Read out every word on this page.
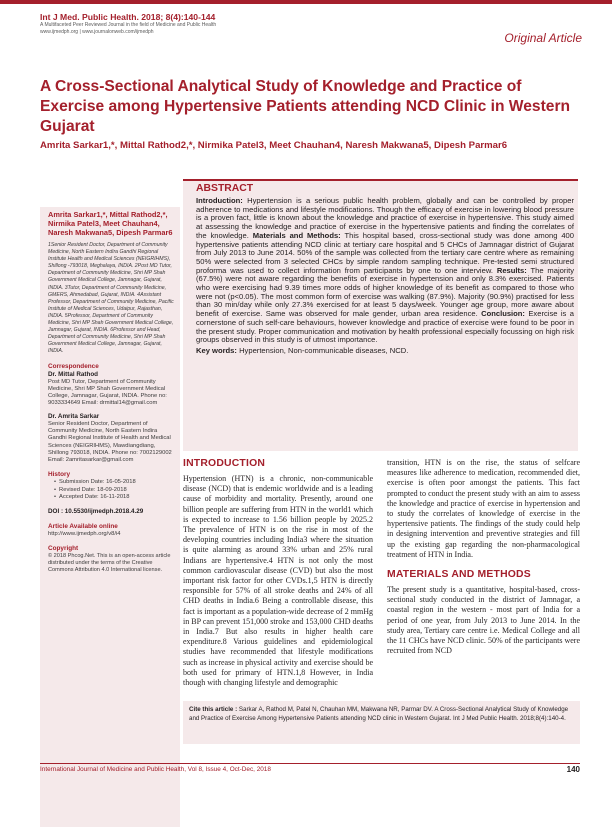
Int J Med. Public Health. 2018; 8(4):140-144
A Multifaceted Peer Reviewed Journal in the field of Medicine and Public Health
www.ijmedph.org | www.journalonweb.com/ijmedph	Original Article
A Cross-Sectional Analytical Study of Knowledge and Practice of Exercise among Hypertensive Patients attending NCD Clinic in Western Gujarat
Amrita Sarkar1,*, Mittal Rathod2,*, Nirmika Patel3, Meet Chauhan4, Naresh Makwana5, Dipesh Parmar6
Amrita Sarkar1,*, Mittal Rathod2,*, Nirmika Patel3, Meet Chauhan4, Naresh Makwana5, Dipesh Parmar6
1Senior Resident Doctor, Department of Community Medicine, North Eastern Indira Gandhi Regional Institute Health and Medical Sciences (NEIGRIHMS), Shillong -793018, Meghalaya, INDIA. 2Post MD Tutor, Department of Community Medicine, Shri MP Shah Government Medical College, Jamnagar, Gujarat, INDIA. 3Tutor, Department of Community Medicine, GMERS, Ahmedabad, Gujarat, INDIA. 4Assistant Professor, Department of Community Medicine, Pacific Institute of Medical Sciences, Udaipur, Rajasthan, INDIA. 5Professor, Department of Community Medicine, Shri MP Shah Government Medical College, Jamnagar, Gujarat, INDIA. 6Professor and Head, Department of Community Medicine, Shri MP Shah Government Medical College, Jamnagar, Gujarat, INDIA.
Correspondence
Dr. Mittal Rathod
Post MD Tutor, Department of Community Medicine, Shri MP Shah Government Medical College, Jamnagar, Gujarat, INDIA. Phone no: 9033334649 Email: drmittal14@gmail.com
Dr. Amrita Sarkar
Senior Resident Doctor, Department of Community Medicine, North Eastern Indira Gandhi Regional Institute of Health and Medical Sciences (NEIGRIHMS), Mawdiangdiang, Shillong 793018, INDIA. Phone no: 7002129002 Email: 2amritasarkar@gmail.com
History
• Submission Date: 16-05-2018
• Revised Date: 18-09-2018
• Accepted Date: 16-11-2018
DOI : 10.5530/ijmedph.2018.4.29
Article Available online
http://www.ijmedph.org/v8/i4
Copyright
© 2018 Phcog.Net. This is an open-access article distributed under the terms of the Creative Commons Attribution 4.0 International license.
ABSTRACT

Introduction: Hypertension is a serious public health problem, globally and can be controlled by proper adherence to medications and lifestyle modifications. Though the efficacy of exercise in lowering blood pressure is a proven fact, little is known about the knowledge and practice of exercise in hypertensive. This study aimed at assessing the knowledge and practice of exercise in the hypertensive patients and finding the correlates of the knowledge. Materials and Methods: This hospital based, cross-sectional study was done among 400 hypertensive patients attending NCD clinic at tertiary care hospital and 5 CHCs of Jamnagar district of Gujarat from July 2013 to June 2014. 50% of the sample was collected from the tertiary care centre where as remaining 50% were selected from 3 selected CHCs by simple random sampling technique. Pre-tested semi structured proforma was used to collect information from participants by one to one interview. Results: The majority (67.5%) were not aware regarding the benefits of exercise in hypertension and only 8.3% exercised. Patients who were exercising had 9.39 times more odds of higher knowledge of its benefit as compared to those who were not (p<0.05). The most common form of exercise was walking (87.9%). Majority (90.9%) practised for less than 30 min/day while only 27.3% exercised for at least 5 days/week. Younger age group, more aware about benefit of exercise. Same was observed for male gender, urban area residence. Conclusion: Exercise is a cornerstone of such self-care behaviours, however knowledge and practice of exercise were found to be poor in the present study. Proper communication and motivation by health professional especially focussing on high risk groups observed in this study is of utmost importance.

Key words: Hypertension, Non-communicable diseases, NCD.
INTRODUCTION

Hypertension (HTN) is a chronic, non-communicable disease (NCD) that is endemic worldwide and is a leading cause of morbidity and mortality. Presently, around one billion people are suffering from HTN in the world1 which is expected to increase to 1.56 billion people by 2025.2 The prevalence of HTN is on the rise in most of the developing countries including India3 where the situation is quite alarming as around 33% urban and 25% rural Indians are hypertensive.4 HTN is not only the most common cardiovascular disease (CVD) but also the most important risk factor for other CVDs.1,5 HTN is directly responsible for 57% of all stroke deaths and 24% of all CHD deaths in India.6 Being a controllable disease, this fact is important as a population-wide decrease of 2 mmHg in BP can prevent 151,000 stroke and 153,000 CHD deaths in India.7 But also results in higher health care expenditure.8 Various guidelines and epidemiological studies have recommended that lifestyle modifications such as increase in physical activity and exercise should be both used for primary of HTN.1,8 However, in India though with changing lifestyle and demographic

transition, HTN is on the rise, the status of selfcare measures like adherence to medication, recommended diet, exercise is often poor amongst the patients. This fact prompted to conduct the present study with an aim to assess the knowledge and practice of exercise in hypertension and to study the correlates of knowledge of exercise in the hypertensive patients. The findings of the study could help in designing intervention and preventive strategies and fill up the existing gap regarding the non-pharmacological treatment of HTN in India.

MATERIALS AND METHODS

The present study is a quantitative, hospital-based, cross-sectional study conducted in the district of Jamnagar, a coastal region in the western - most part of India for a period of one year, from July 2013 to June 2014. In the study area, Tertiary care centre i.e. Medical College and all the 11 CHCs have NCD clinic. 50% of the participants were recruited from NCD

Cite this article : Sarkar A, Rathod M, Patel N, Chauhan MM, Makwana NR, Parmar DV. A Cross-Sectional Analytical Study of Knowledge and Practice of Exercise Among Hypertensive Patients attending NCD clinic in Western Gujarat. Int J Med Public Health. 2018;8(4):140-4.

International Journal of Medicine and Public Health, Vol 8, Issue 4, Oct-Dec, 2018	140
